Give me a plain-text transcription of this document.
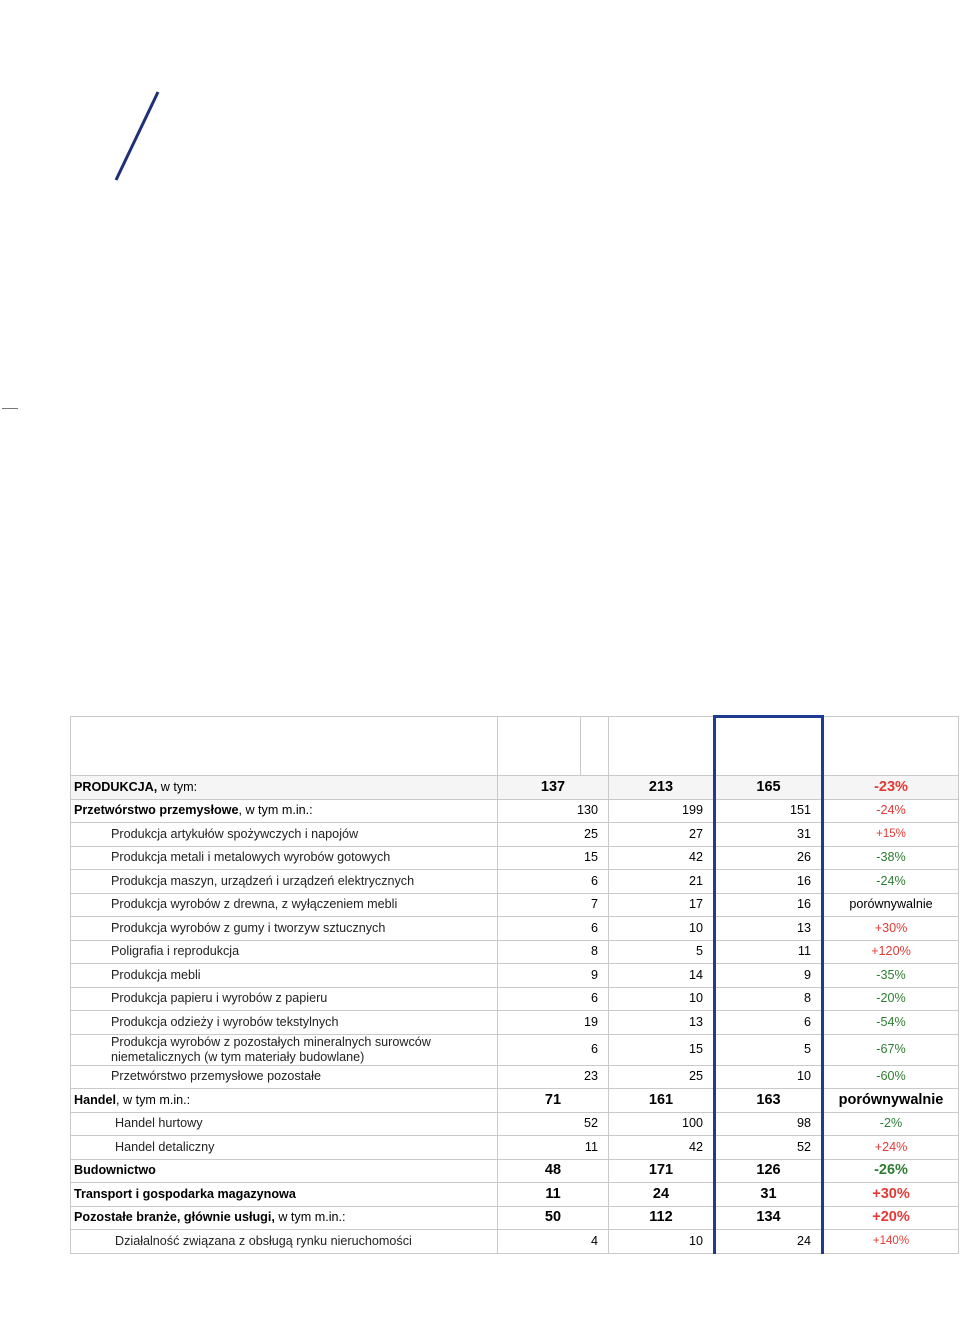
PRODUKCJA, w tym:	137		213	165	-23%
Przetwórstwo przemysłowe, w tym m.in.:	130		199	151	-24%
Produkcja artykułów spożywczych i napojów	25		27	31	+15%
Produkcja metali i metalowych wyrobów gotowych	15		42	26	-38%
Produkcja maszyn, urządzeń i urządzeń elektrycznych	6		21	16	-24%
Produkcja wyrobów z drewna, z wyłączeniem mebli	7		17	16	porównywalnie
Produkcja wyrobów z gumy i tworzyw sztucznych	6		10	13	+30%
Poligrafia i reprodukcja	8		5	11	+120%
Produkcja mebli	9		14	9	-35%
Produkcja papieru i wyrobów z papieru	6		10	8	-20%
Produkcja odzieży i wyrobów tekstylnych	19		13	6	-54%
Produkcja wyrobów z pozostałych mineralnych surowców niemetalicznych (w tym materiały budowlane)	6		15	5	-67%
Przetwórstwo przemysłowe pozostałe	23		25	10	-60%
Handel, w tym m.in.:	71		161	163	porównywalnie
Handel hurtowy	52		100	98	-2%
Handel detaliczny	11		42	52	+24%
Budownictwo	48		171	126	-26%
Transport i gospodarka magazynowa	11		24	31	+30%
Pozostałe branże, głównie usługi, w tym m.in.:	50		112	134	+20%
Działalność związana z obsługą rynku nieruchomości	4		10	24	+140%
